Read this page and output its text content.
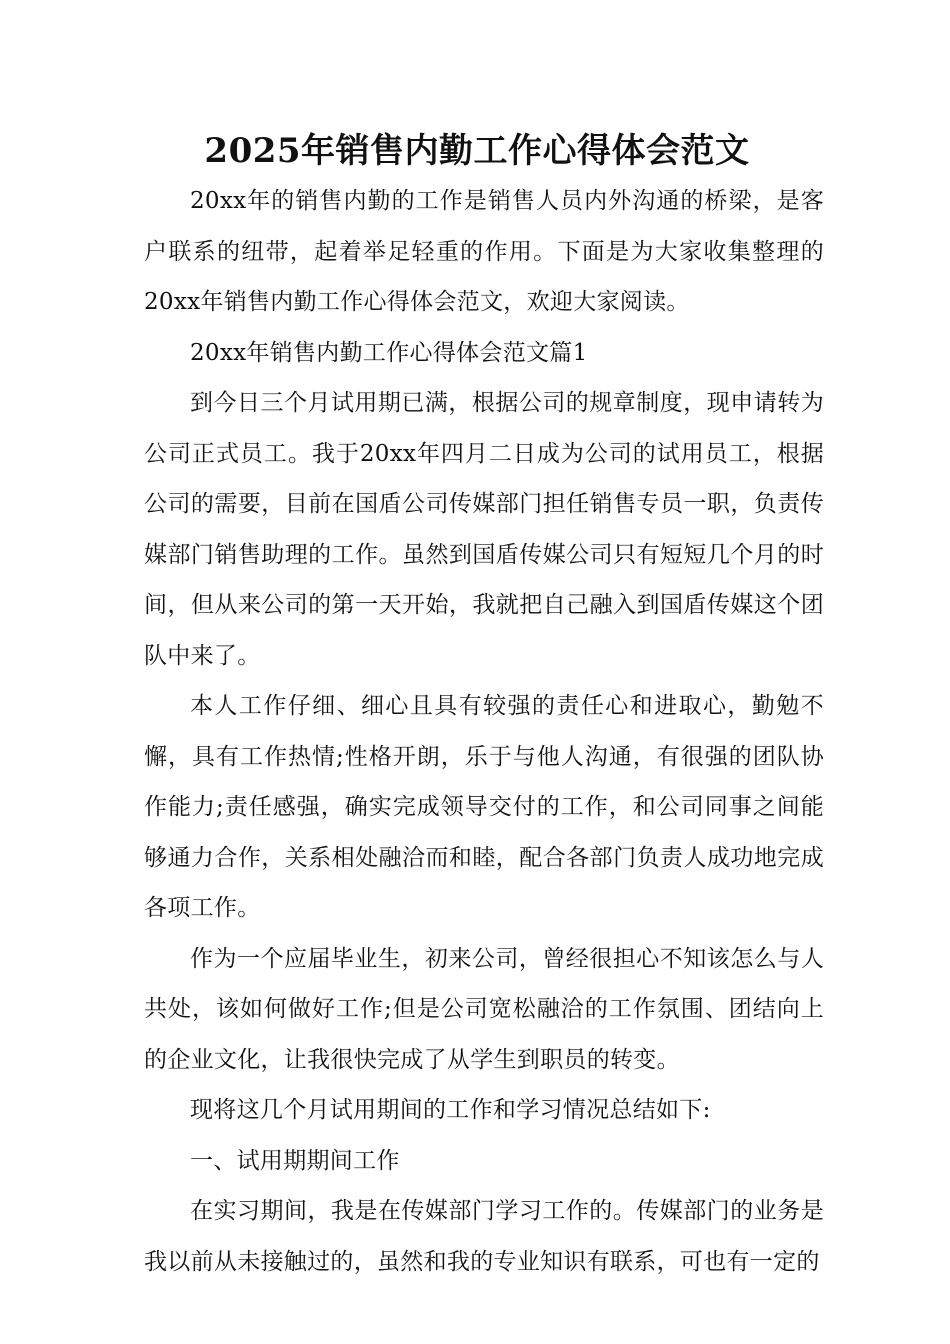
2025年销售内勤工作心得体会范文

20xx年的销售内勤的工作是销售人员内外沟通的桥梁，是客户联系的纽带，起着举足轻重的作用。下面是为大家收集整理的20xx年销售内勤工作心得体会范文，欢迎大家阅读。

20xx年销售内勤工作心得体会范文篇1

到今日三个月试用期已满，根据公司的规章制度，现申请转为公司正式员工。我于20xx年四月二日成为公司的试用员工，根据公司的需要，目前在国盾公司传媒部门担任销售专员一职，负责传媒部门销售助理的工作。虽然到国盾传媒公司只有短短几个月的时间，但从来公司的第一天开始，我就把自己融入到国盾传媒这个团队中来了。

本人工作仔细、细心且具有较强的责任心和进取心，勤勉不懈，具有工作热情;性格开朗，乐于与他人沟通，有很强的团队协作能力;责任感强，确实完成领导交付的工作，和公司同事之间能够通力合作，关系相处融洽而和睦，配合各部门负责人成功地完成各项工作。

作为一个应届毕业生，初来公司，曾经很担心不知该怎么与人共处，该如何做好工作;但是公司宽松融洽的工作氛围、团结向上的企业文化，让我很快完成了从学生到职员的转变。

现将这几个月试用期间的工作和学习情况总结如下:

一、试用期期间工作

在实习期间，我是在传媒部门学习工作的。传媒部门的业务是我以前从未接触过的，虽然和我的专业知识有联系，可也有一定的
